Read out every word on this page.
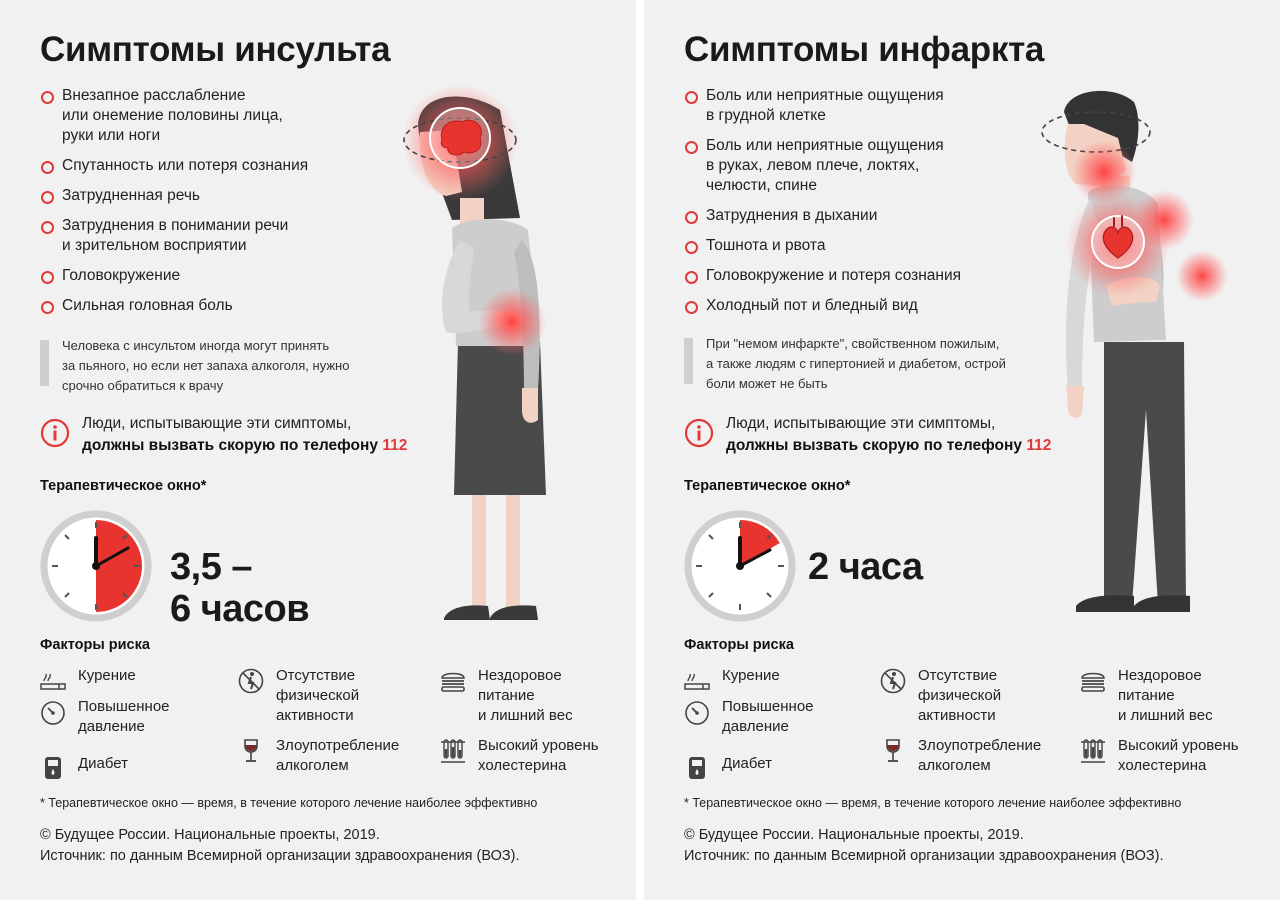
Симптомы инсульта
Внезапное расслабление
или онемение половины лица,
руки или ноги
Спутанность или потеря сознания
Затрудненная речь
Затруднения в понимании речи
и зрительном восприятии
Головокружение
Сильная головная боль
Человека с инсультом иногда могут принять
за пьяного, но если нет запаха алкоголя, нужно
срочно обратиться к врачу
Люди, испытывающие эти симптомы,
должны вызвать скорую по телефону 112
Терапевтическое окно*
3,5 –
6 часов
Факторы риска
Курение
Повышенное
давление
Диабет
Отсутствие
физической
активности
Злоупотребление
алкоголем
Нездоровое
питание
и лишний вес
Высокий уровень
холестерина
* Терапевтическое окно — время, в течение которого лечение наиболее эффективно
© Будущее России. Национальные проекты, 2019.
Источник: по данным Всемирной организации здравоохранения (ВОЗ).
Симптомы инфаркта
Боль или неприятные ощущения
в грудной клетке
Боль или неприятные ощущения
в руках, левом плече, локтях,
челюсти, спине
Затруднения в дыхании
Тошнота и рвота
Головокружение и потеря сознания
Холодный пот и бледный вид
При "немом инфаркте", свойственном пожилым,
а также людям с гипертонией и диабетом, острой
боли может не быть
Люди, испытывающие эти симптомы,
должны вызвать скорую по телефону 112
Терапевтическое окно*
2 часа
Факторы риска
Курение
Повышенное
давление
Диабет
Отсутствие
физической
активности
Злоупотребление
алкоголем
Нездоровое
питание
и лишний вес
Высокий уровень
холестерина
* Терапевтическое окно — время, в течение которого лечение наиболее эффективно
© Будущее России. Национальные проекты, 2019.
Источник: по данным Всемирной организации здравоохранения (ВОЗ).
